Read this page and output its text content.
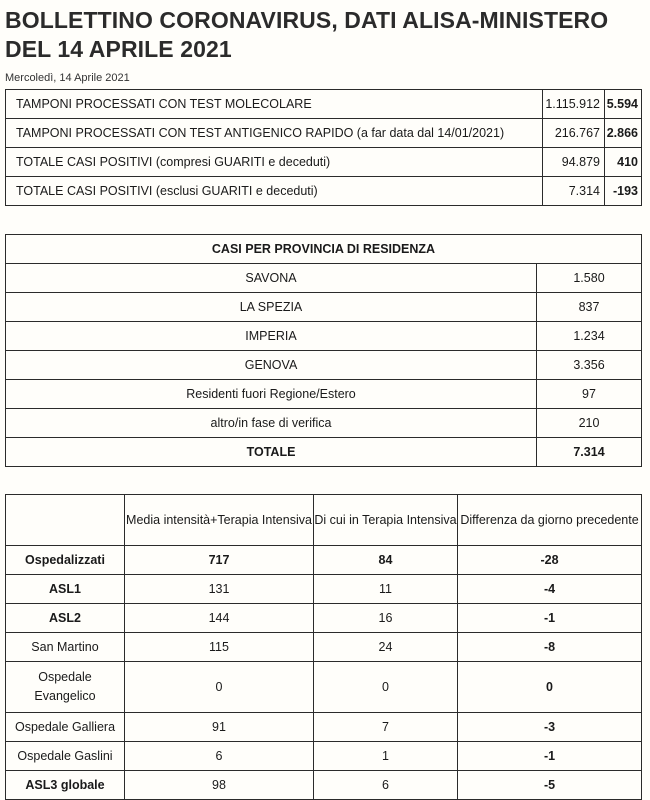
BOLLETTINO CORONAVIRUS, DATI ALISA-MINISTERO DEL 14 APRILE 2021
Mercoledì, 14 Aprile 2021
TAMPONI PROCESSATI CON TEST MOLECOLARE	1.115.912	5.594
TAMPONI PROCESSATI CON TEST ANTIGENICO RAPIDO (a far data dal 14/01/2021)	216.767	2.866
TOTALE CASI POSITIVI (compresi GUARITI e deceduti)	94.879	410
TOTALE CASI POSITIVI (esclusi GUARITI e deceduti)	7.314	-193
CASI PER PROVINCIA DI RESIDENZA	
SAVONA	1.580
LA SPEZIA	837
IMPERIA	1.234
GENOVA	3.356
Residenti fuori Regione/Estero	97
altro/in fase di verifica	210
TOTALE	7.314
	Media intensità+Terapia Intensiva	Di cui in Terapia Intensiva	Differenza da giorno precedente
Ospedalizzati	717	84	-28
ASL1	131	11	-4
ASL2	144	16	-1
San Martino	115	24	-8
Ospedale Evangelico	0	0	0
Ospedale Galliera	91	7	-3
Ospedale Gaslini	6	1	-1
ASL3 globale	98	6	-5
